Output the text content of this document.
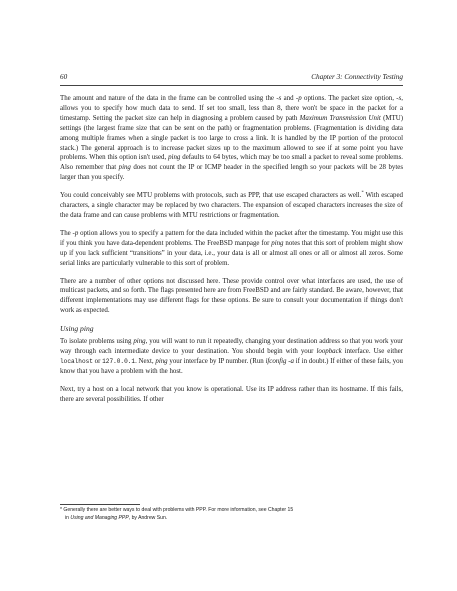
60	Chapter 3: Connectivity Testing

The amount and nature of the data in the frame can be controlled using the -s and -p options. The packet size option, -s, allows you to specify how much data to send. If set too small, less than 8, there won't be space in the packet for a timestamp. Setting the packet size can help in diagnosing a problem caused by path Maximum Transmission Unit (MTU) settings (the largest frame size that can be sent on the path) or fragmentation problems. (Fragmentation is dividing data among multiple frames when a single packet is too large to cross a link. It is handled by the IP portion of the protocol stack.) The general approach is to increase packet sizes up to the maximum allowed to see if at some point you have problems. When this option isn't used, ping defaults to 64 bytes, which may be too small a packet to reveal some problems. Also remember that ping does not count the IP or ICMP header in the specified length so your packets will be 28 bytes larger than you specify.

You could conceivably see MTU problems with protocols, such as PPP, that use escaped characters as well.* With escaped characters, a single character may be replaced by two characters. The expansion of escaped characters increases the size of the data frame and can cause problems with MTU restrictions or fragmentation.

The -p option allows you to specify a pattern for the data included within the packet after the timestamp. You might use this if you think you have data-dependent problems. The FreeBSD manpage for ping notes that this sort of problem might show up if you lack sufficient “transitions” in your data, i.e., your data is all or almost all ones or all or almost all zeros. Some serial links are particularly vulnerable to this sort of problem.

There are a number of other options not discussed here. These provide control over what interfaces are used, the use of multicast packets, and so forth. The flags presented here are from FreeBSD and are fairly standard. Be aware, however, that different implementations may use different flags for these options. Be sure to consult your documentation if things don't work as expected.

Using ping

To isolate problems using ping, you will want to run it repeatedly, changing your destination address so that you work your way through each intermediate device to your destination. You should begin with your loopback interface. Use either localhost or 127.0.0.1. Next, ping your interface by IP number. (Run ifconfig -a if in doubt.) If either of these fails, you know that you have a problem with the host.

Next, try a host on a local network that you know is operational. Use its IP address rather than its hostname. If this fails, there are several possibilities. If other

* Generally there are better ways to deal with problems with PPP. For more information, see Chapter 15
in Using and Managing PPP, by Andrew Sun.
